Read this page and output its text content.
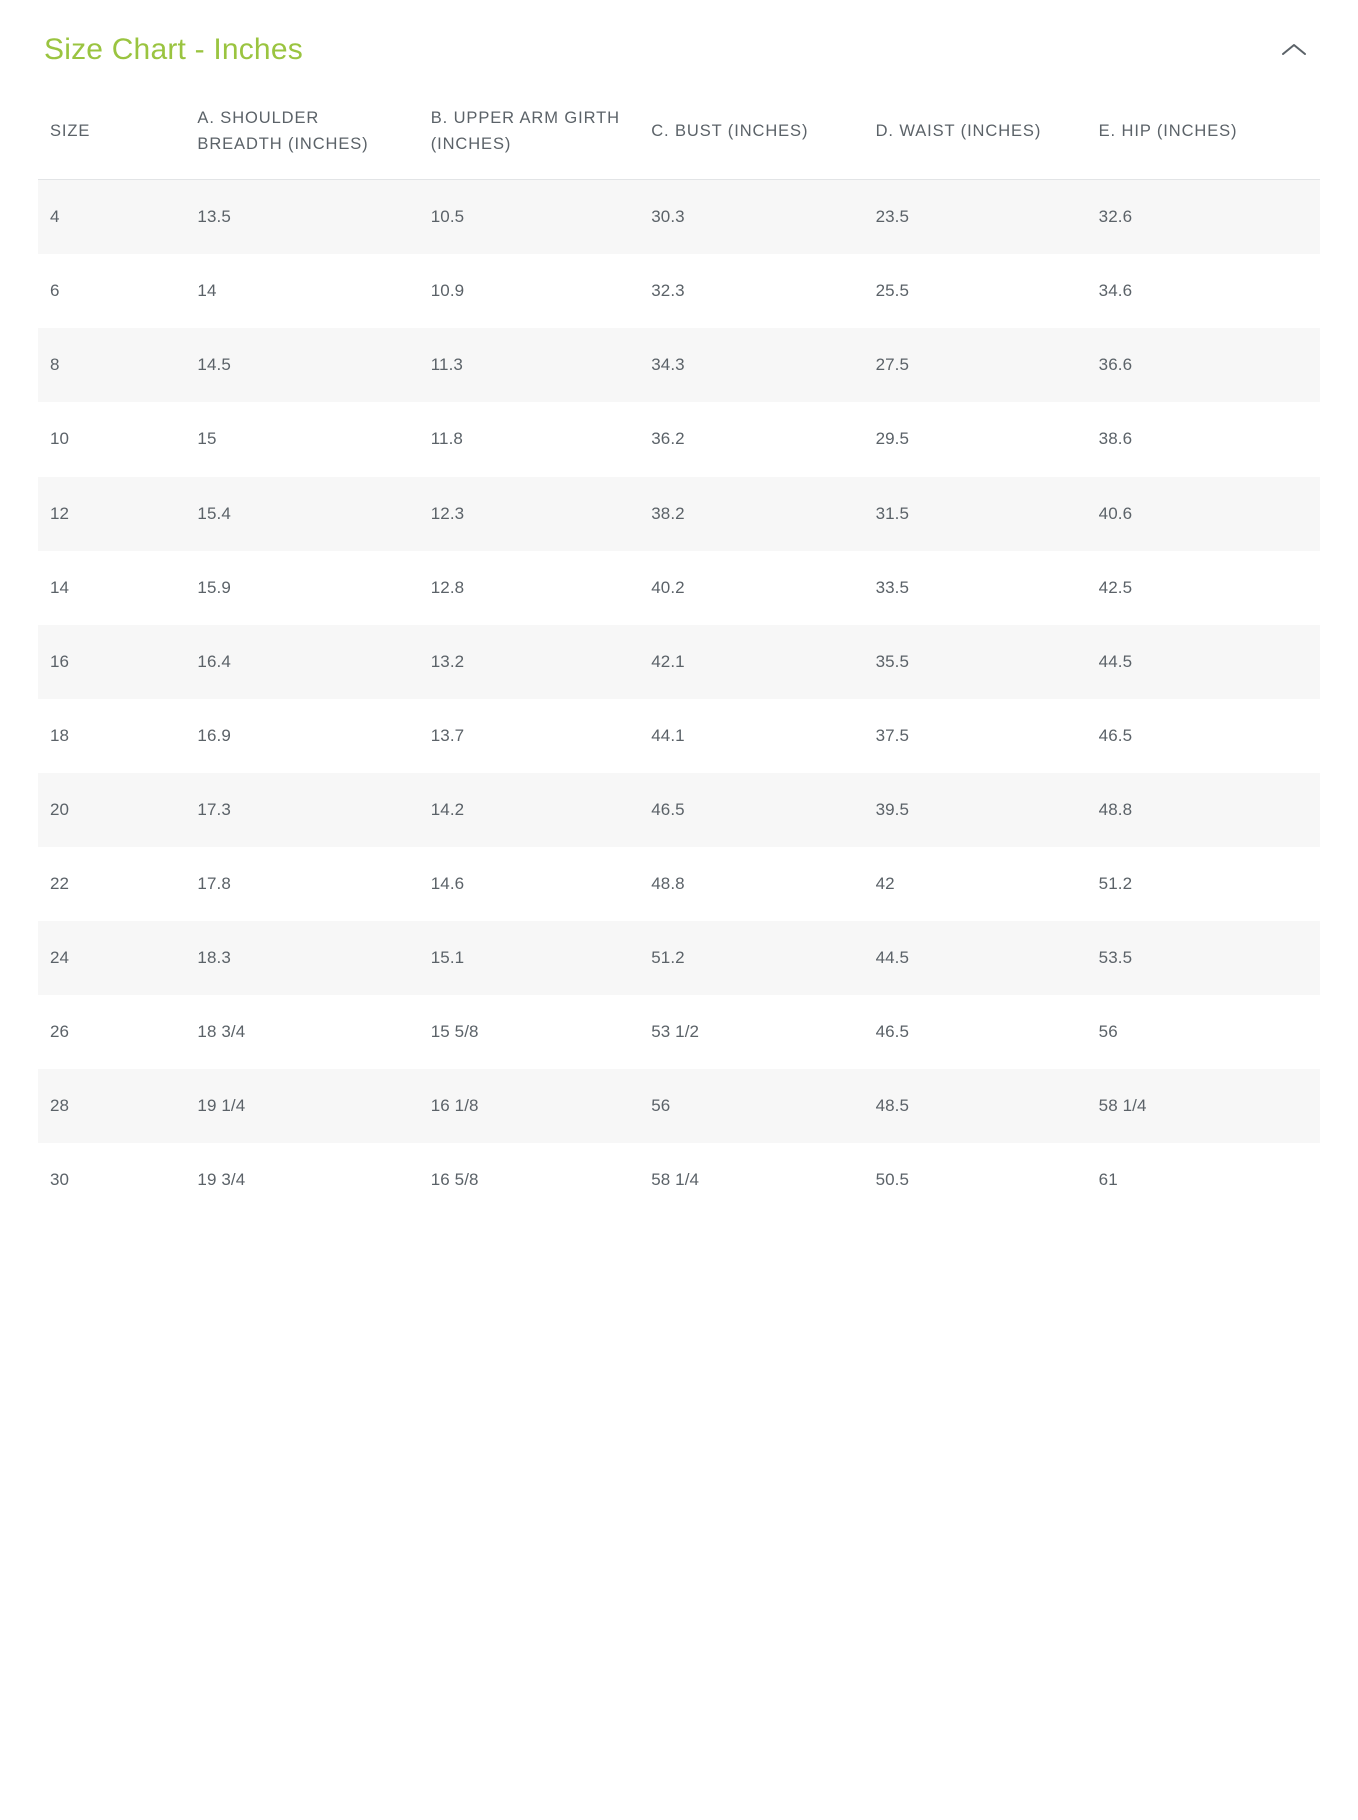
Size Chart - Inches
SIZE	A. SHOULDER BREADTH (INCHES)	B. UPPER ARM GIRTH (INCHES)	C. BUST (INCHES)	D. WAIST (INCHES)	E. HIP (INCHES)
4	13.5	10.5	30.3	23.5	32.6
6	14	10.9	32.3	25.5	34.6
8	14.5	11.3	34.3	27.5	36.6
10	15	11.8	36.2	29.5	38.6
12	15.4	12.3	38.2	31.5	40.6
14	15.9	12.8	40.2	33.5	42.5
16	16.4	13.2	42.1	35.5	44.5
18	16.9	13.7	44.1	37.5	46.5
20	17.3	14.2	46.5	39.5	48.8
22	17.8	14.6	48.8	42	51.2
24	18.3	15.1	51.2	44.5	53.5
26	18 3/4	15 5/8	53 1/2	46.5	56
28	19 1/4	16 1/8	56	48.5	58 1/4
30	19 3/4	16 5/8	58 1/4	50.5	61
